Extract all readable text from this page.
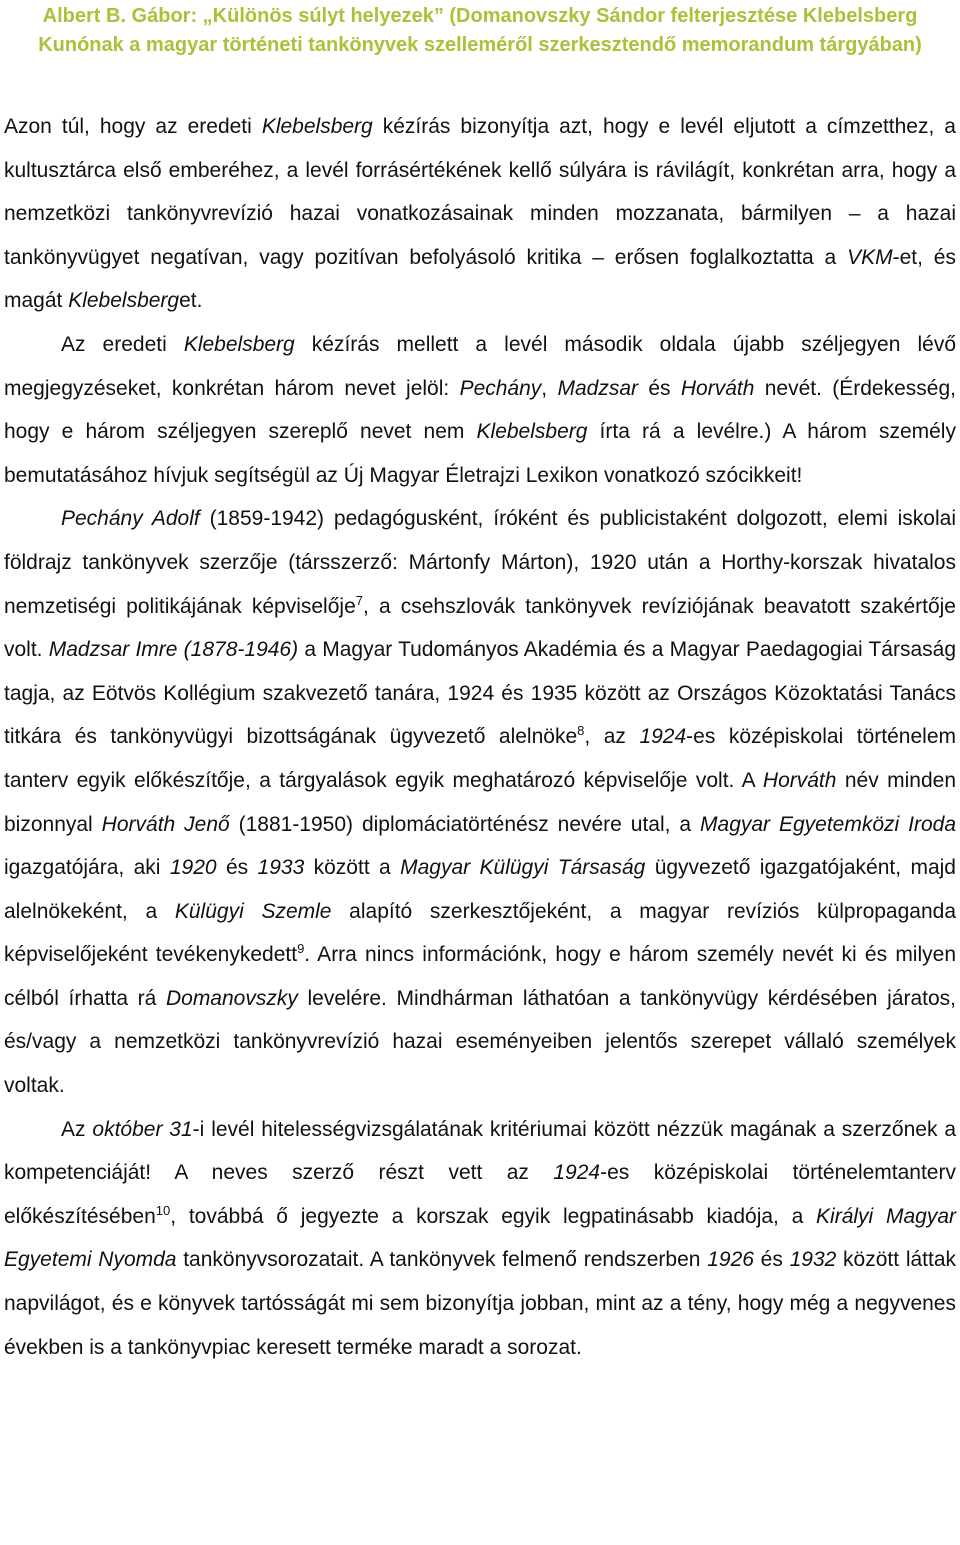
Albert B. Gábor: „Különös súlyt helyezek” (Domanovszky Sándor felterjesztése Klebelsberg
Kunónak a magyar történeti tankönyvek szelleméről szerkesztendő memorandum tárgyában)

Azon túl, hogy az eredeti Klebelsberg kézírás bizonyítja azt, hogy e levél eljutott a címzetthez, a kultusztárca első emberéhez, a levél forrásértékének kellő súlyára is rávilágít, konkrétan arra, hogy a nemzetközi tankönyvrevízió hazai vonatkozásainak minden mozzanata, bármilyen – a hazai tankönyvügyet negatívan, vagy pozitívan befolyásoló kritika – erősen foglalkoztatta a VKM-et, és magát Klebelsberget.

Az eredeti Klebelsberg kézírás mellett a levél második oldala újabb széljegyen lévő megjegyzéseket, konkrétan három nevet jelöl: Pechány, Madzsar és Horváth nevét. (Érdekesség, hogy e három széljegyen szereplő nevet nem Klebelsberg írta rá a levélre.) A három személy bemutatásához hívjuk segítségül az Új Magyar Életrajzi Lexikon vonatkozó szócikkeit!

Pechány Adolf (1859-1942) pedagógusként, íróként és publicistaként dolgozott, elemi iskolai földrajz tankönyvek szerzője (társszerző: Mártonfy Márton), 1920 után a Horthy-korszak hivatalos nemzetiségi politikájának képviselője$^7$, a csehszlovák tankönyvek revíziójának beavatott szakértője volt. Madzsar Imre (1878-1946) a Magyar Tudományos Akadémia és a Magyar Paedagogiai Társaság tagja, az Eötvös Kollégium szakvezető tanára, 1924 és 1935 között az Országos Közoktatási Tanács titkára és tankönyvügyi bizottságának ügyvezető alelnöke$^8$, az 1924-es középiskolai történelem tanterv egyik előkészítője, a tárgyalások egyik meghatározó képviselője volt. A Horváth név minden bizonnyal Horváth Jenő (1881-1950) diplomáciatörténész nevére utal, a Magyar Egyetemközi Iroda igazgatójára, aki 1920 és 1933 között a Magyar Külügyi Társaság ügyvezető igazgatójaként, majd alelnökeként, a Külügyi Szemle alapító szerkesztőjeként, a magyar revíziós külpropaganda képviselőjeként tevékenykedett$^9$. Arra nincs információnk, hogy e három személy nevét ki és milyen célból írhatta rá Domanovszky levelére. Mindhárman láthatóan a tankönyvügy kérdésében járatos, és/vagy a nemzetközi tankönyvrevízió hazai eseményeiben jelentős szerepet vállaló személyek voltak.

Az október 31-i levél hitelességvizsgálatának kritériumai között nézzük magának a szerzőnek a kompetenciáját! A neves szerző részt vett az 1924-es középiskolai történelemtanterv előkészítésében$^{10}$, továbbá ő jegyezte a korszak egyik legpatinásabb kiadója, a Királyi Magyar Egyetemi Nyomda tankönyvsorozatait. A tankönyvek felmenő rendszerben 1926 és 1932 között láttak napvilágot, és e könyvek tartósságát mi sem bizonyítja jobban, mint az a tény, hogy még a negyvenes években is a tankönyvpiac keresett terméke maradt a sorozat.
